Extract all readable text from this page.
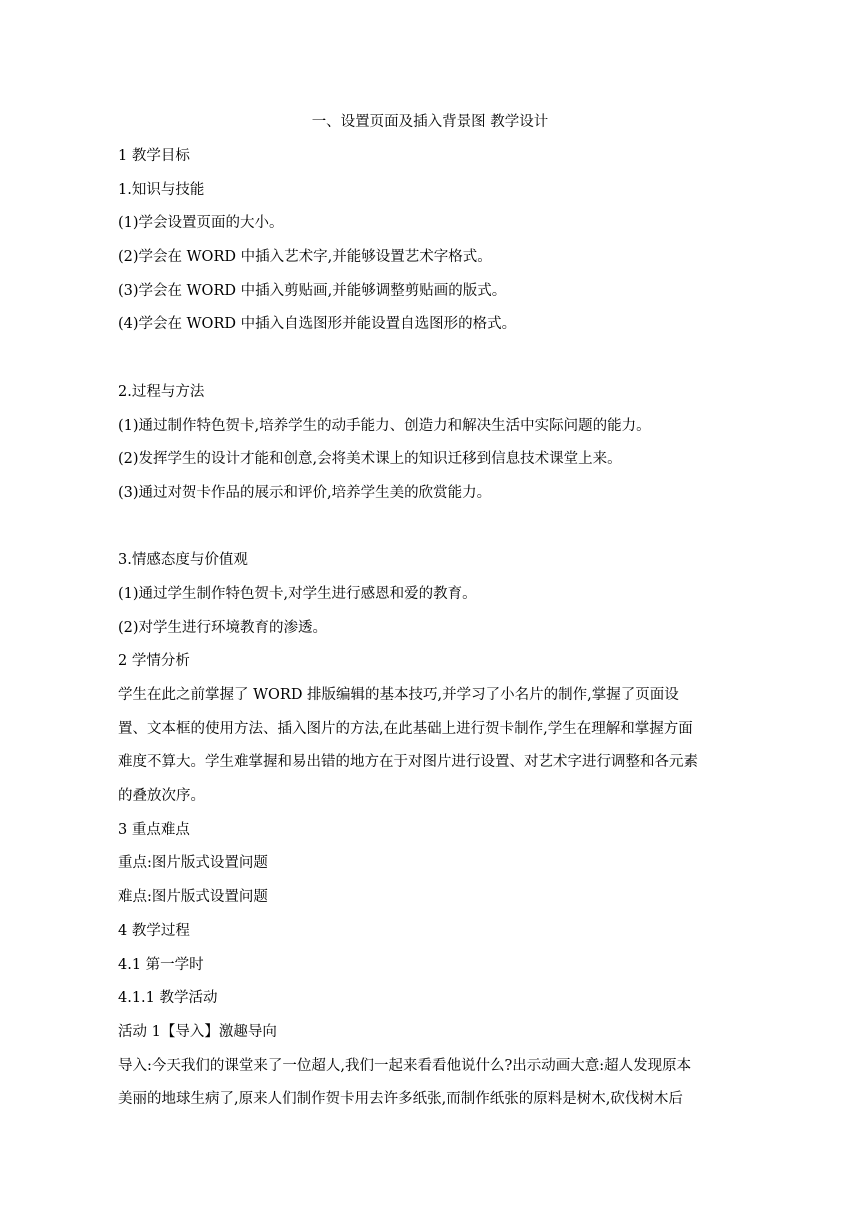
一、设置页面及插入背景图 教学设计
1 教学目标
1.知识与技能
(1)学会设置页面的大小。
(2)学会在 WORD 中插入艺术字,并能够设置艺术字格式。
(3)学会在 WORD 中插入剪贴画,并能够调整剪贴画的版式。
(4)学会在 WORD 中插入自选图形并能设置自选图形的格式。
2.过程与方法
(1)通过制作特色贺卡,培养学生的动手能力、创造力和解决生活中实际问题的能力。
(2)发挥学生的设计才能和创意,会将美术课上的知识迁移到信息技术课堂上来。
(3)通过对贺卡作品的展示和评价,培养学生美的欣赏能力。
3.情感态度与价值观
(1)通过学生制作特色贺卡,对学生进行感恩和爱的教育。
(2)对学生进行环境教育的渗透。
2 学情分析
学生在此之前掌握了 WORD 排版编辑的基本技巧,并学习了小名片的制作,掌握了页面设
置、文本框的使用方法、插入图片的方法,在此基础上进行贺卡制作,学生在理解和掌握方面
难度不算大。学生难掌握和易出错的地方在于对图片进行设置、对艺术字进行调整和各元素
的叠放次序。
3 重点难点
重点:图片版式设置问题
难点:图片版式设置问题
4 教学过程
4.1 第一学时
4.1.1 教学活动
活动 1【导入】激趣导向
导入:今天我们的课堂来了一位超人,我们一起来看看他说什么?出示动画大意:超人发现原本
美丽的地球生病了,原来人们制作贺卡用去许多纸张,而制作纸张的原料是树木,砍伐树木后
